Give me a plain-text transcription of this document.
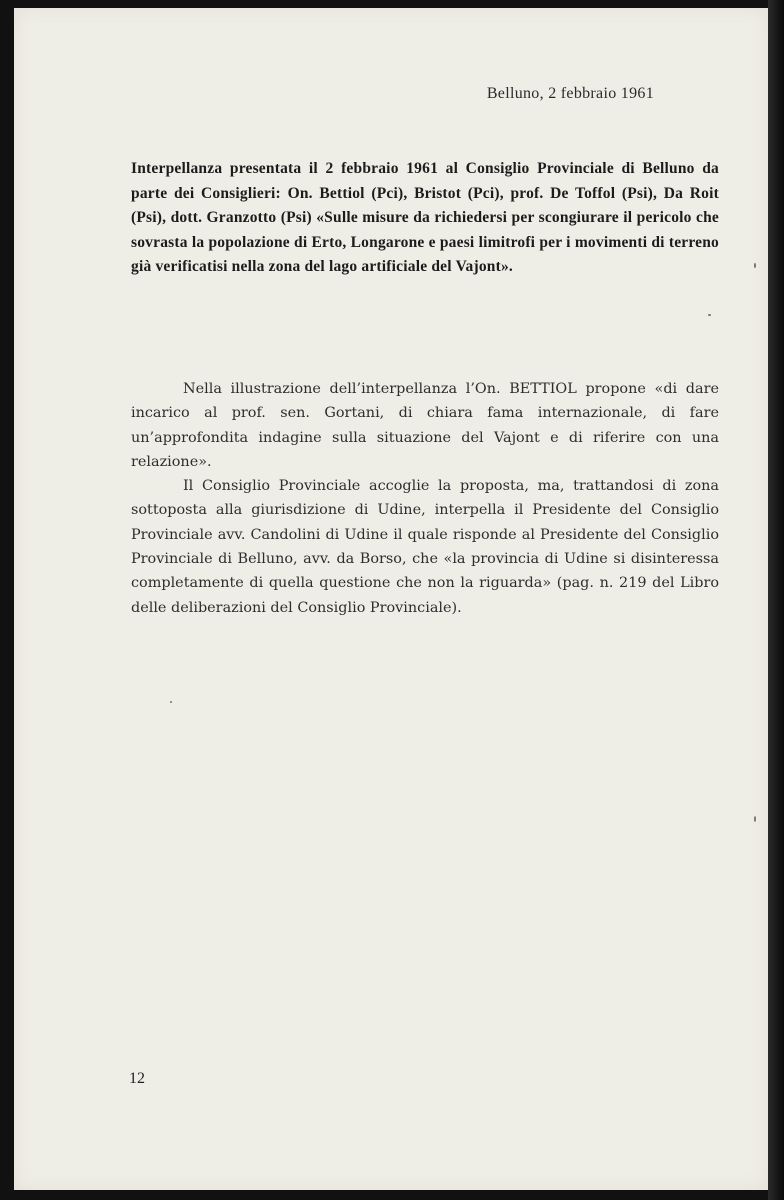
Belluno, 2 febbraio 1961

Interpellanza presentata il 2 febbraio 1961 al Consiglio Provinciale di Belluno da parte dei Consiglieri: On. Bettiol (Pci), Bristot (Pci), prof. De Toffol (Psi), Da Roit (Psi), dott. Granzotto (Psi) «Sulle misure da richiedersi per scongiurare il pericolo che sovrasta la popolazione di Erto, Longarone e paesi limitrofi per i movimenti di terreno già verificatisi nella zona del lago artificiale del Vajont».

Nella illustrazione dell’interpellanza l’On. BETTIOL propone «di dare incarico al prof. sen. Gortani, di chiara fama internazionale, di fare un’approfondita indagine sulla situazione del Vajont e di riferire con una relazione».

Il Consiglio Provinciale accoglie la proposta, ma, trattandosi di zona sottoposta alla giurisdizione di Udine, interpella il Presidente del Consiglio Provinciale avv. Candolini di Udine il quale risponde al Presidente del Consiglio Provinciale di Belluno, avv. da Borso, che «la provincia di Udine si disinteressa completamente di quella questione che non la riguarda» (pag. n. 219 del Libro delle deliberazioni del Consiglio Provinciale).

12
